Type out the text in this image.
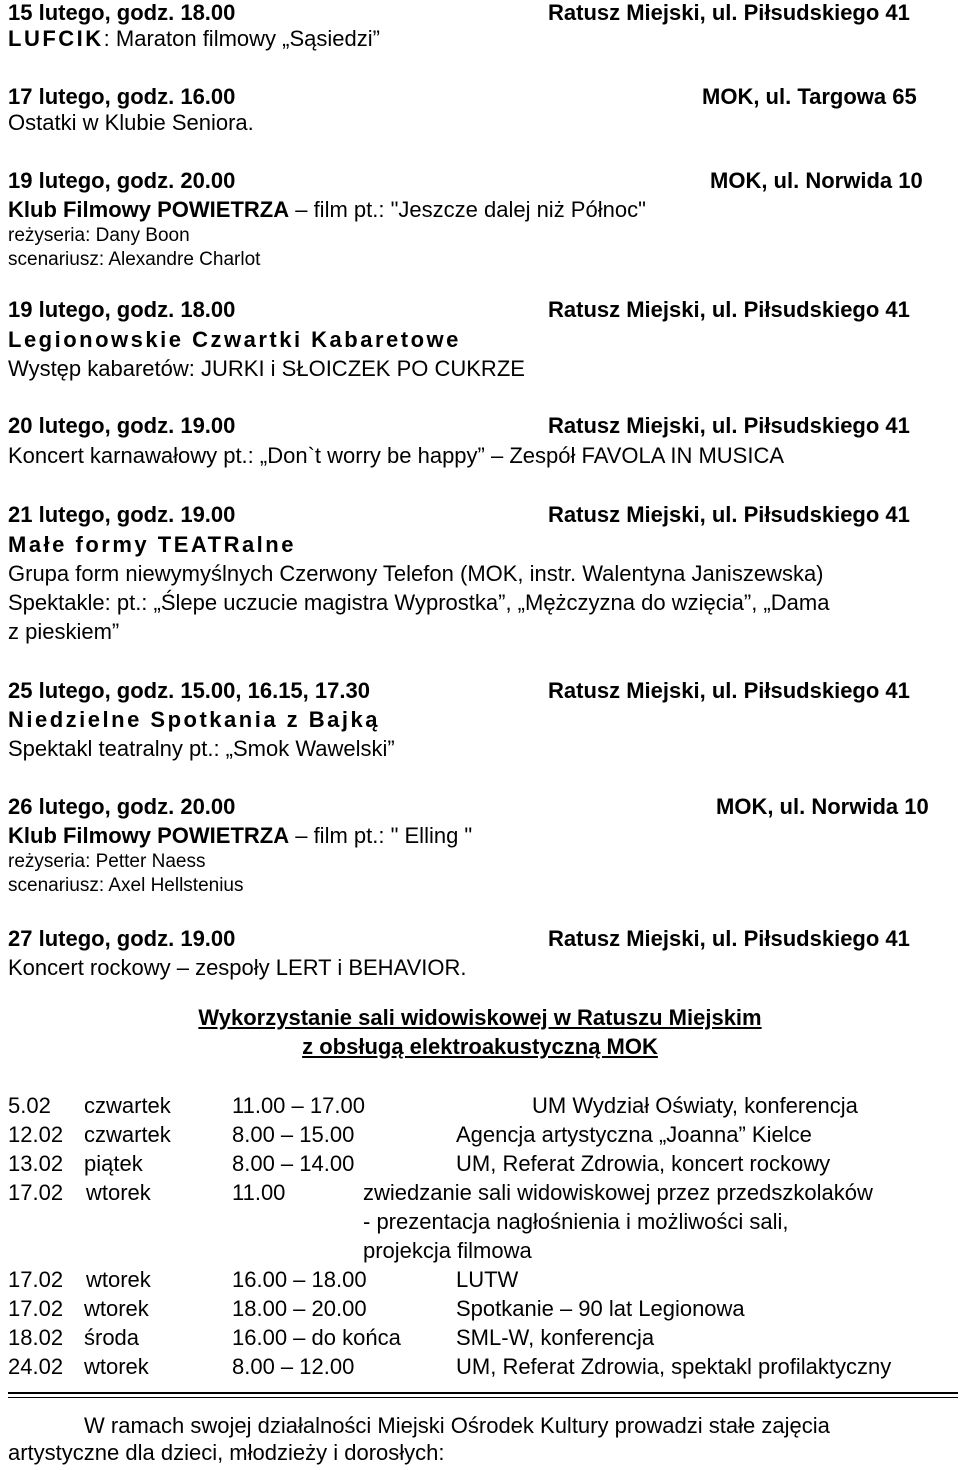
15 lutego, godz. 18.00	Ratusz Miejski, ul. Piłsudskiego 41
LUFCIK: Maraton filmowy „Sąsiedzi”
17 lutego, godz. 16.00	MOK, ul. Targowa 65
Ostatki w Klubie Seniora.
19 lutego, godz. 20.00	MOK, ul. Norwida 10
Klub Filmowy POWIETRZA – film pt.: "Jeszcze dalej niż Północ"
reżyseria: Dany Boon
scenariusz: Alexandre Charlot
19 lutego, godz. 18.00	Ratusz Miejski, ul. Piłsudskiego 41
Legionowskie Czwartki Kabaretowe
Występ kabaretów: JURKI i SŁOICZEK PO CUKRZE
20 lutego, godz. 19.00	Ratusz Miejski, ul. Piłsudskiego 41
Koncert karnawałowy pt.: „Don`t worry be happy” – Zespół FAVOLA IN MUSICA
21 lutego, godz. 19.00	Ratusz Miejski, ul. Piłsudskiego 41
Małe formy TEATRalne
Grupa form niewymyślnych Czerwony Telefon (MOK, instr. Walentyna Janiszewska)
Spektakle: pt.: „Ślepe uczucie magistra Wyprostka”, „Mężczyzna do wzięcia”, „Dama
z pieskiem”
25 lutego, godz. 15.00, 16.15, 17.30	Ratusz Miejski, ul. Piłsudskiego 41
Niedzielne Spotkania z Bajką
Spektakl teatralny pt.: „Smok Wawelski”
26 lutego, godz. 20.00	MOK, ul. Norwida 10
Klub Filmowy POWIETRZA – film pt.: " Elling "
reżyseria: Petter Naess
scenariusz: Axel Hellstenius
27 lutego, godz. 19.00	Ratusz Miejski, ul. Piłsudskiego 41
Koncert rockowy – zespoły LERT i BEHAVIOR.
Wykorzystanie sali widowiskowej w Ratuszu Miejskim
z obsługą elektroakustyczną MOK
5.02 czwartek	11.00 – 17.00	UM Wydział Oświaty, konferencja
12.02 czwartek	8.00 – 15.00	Agencja artystyczna „Joanna” Kielce
13.02 piątek	8.00 – 14.00	UM, Referat Zdrowia, koncert rockowy
17.02 wtorek	11.00	zwiedzanie sali widowiskowej przez przedszkolaków
- prezentacja nagłośnienia i możliwości sali,
projekcja filmowa
17.02 wtorek	16.00 – 18.00	LUTW
17.02 wtorek	18.00 – 20.00	Spotkanie – 90 lat Legionowa
18.02 środa	16.00 – do końca	SML-W, konferencja
24.02 wtorek	8.00 – 12.00	UM, Referat Zdrowia, spektakl profilaktyczny
W ramach swojej działalności Miejski Ośrodek Kultury prowadzi stałe zajęcia
artystyczne dla dzieci, młodzieży i dorosłych:
